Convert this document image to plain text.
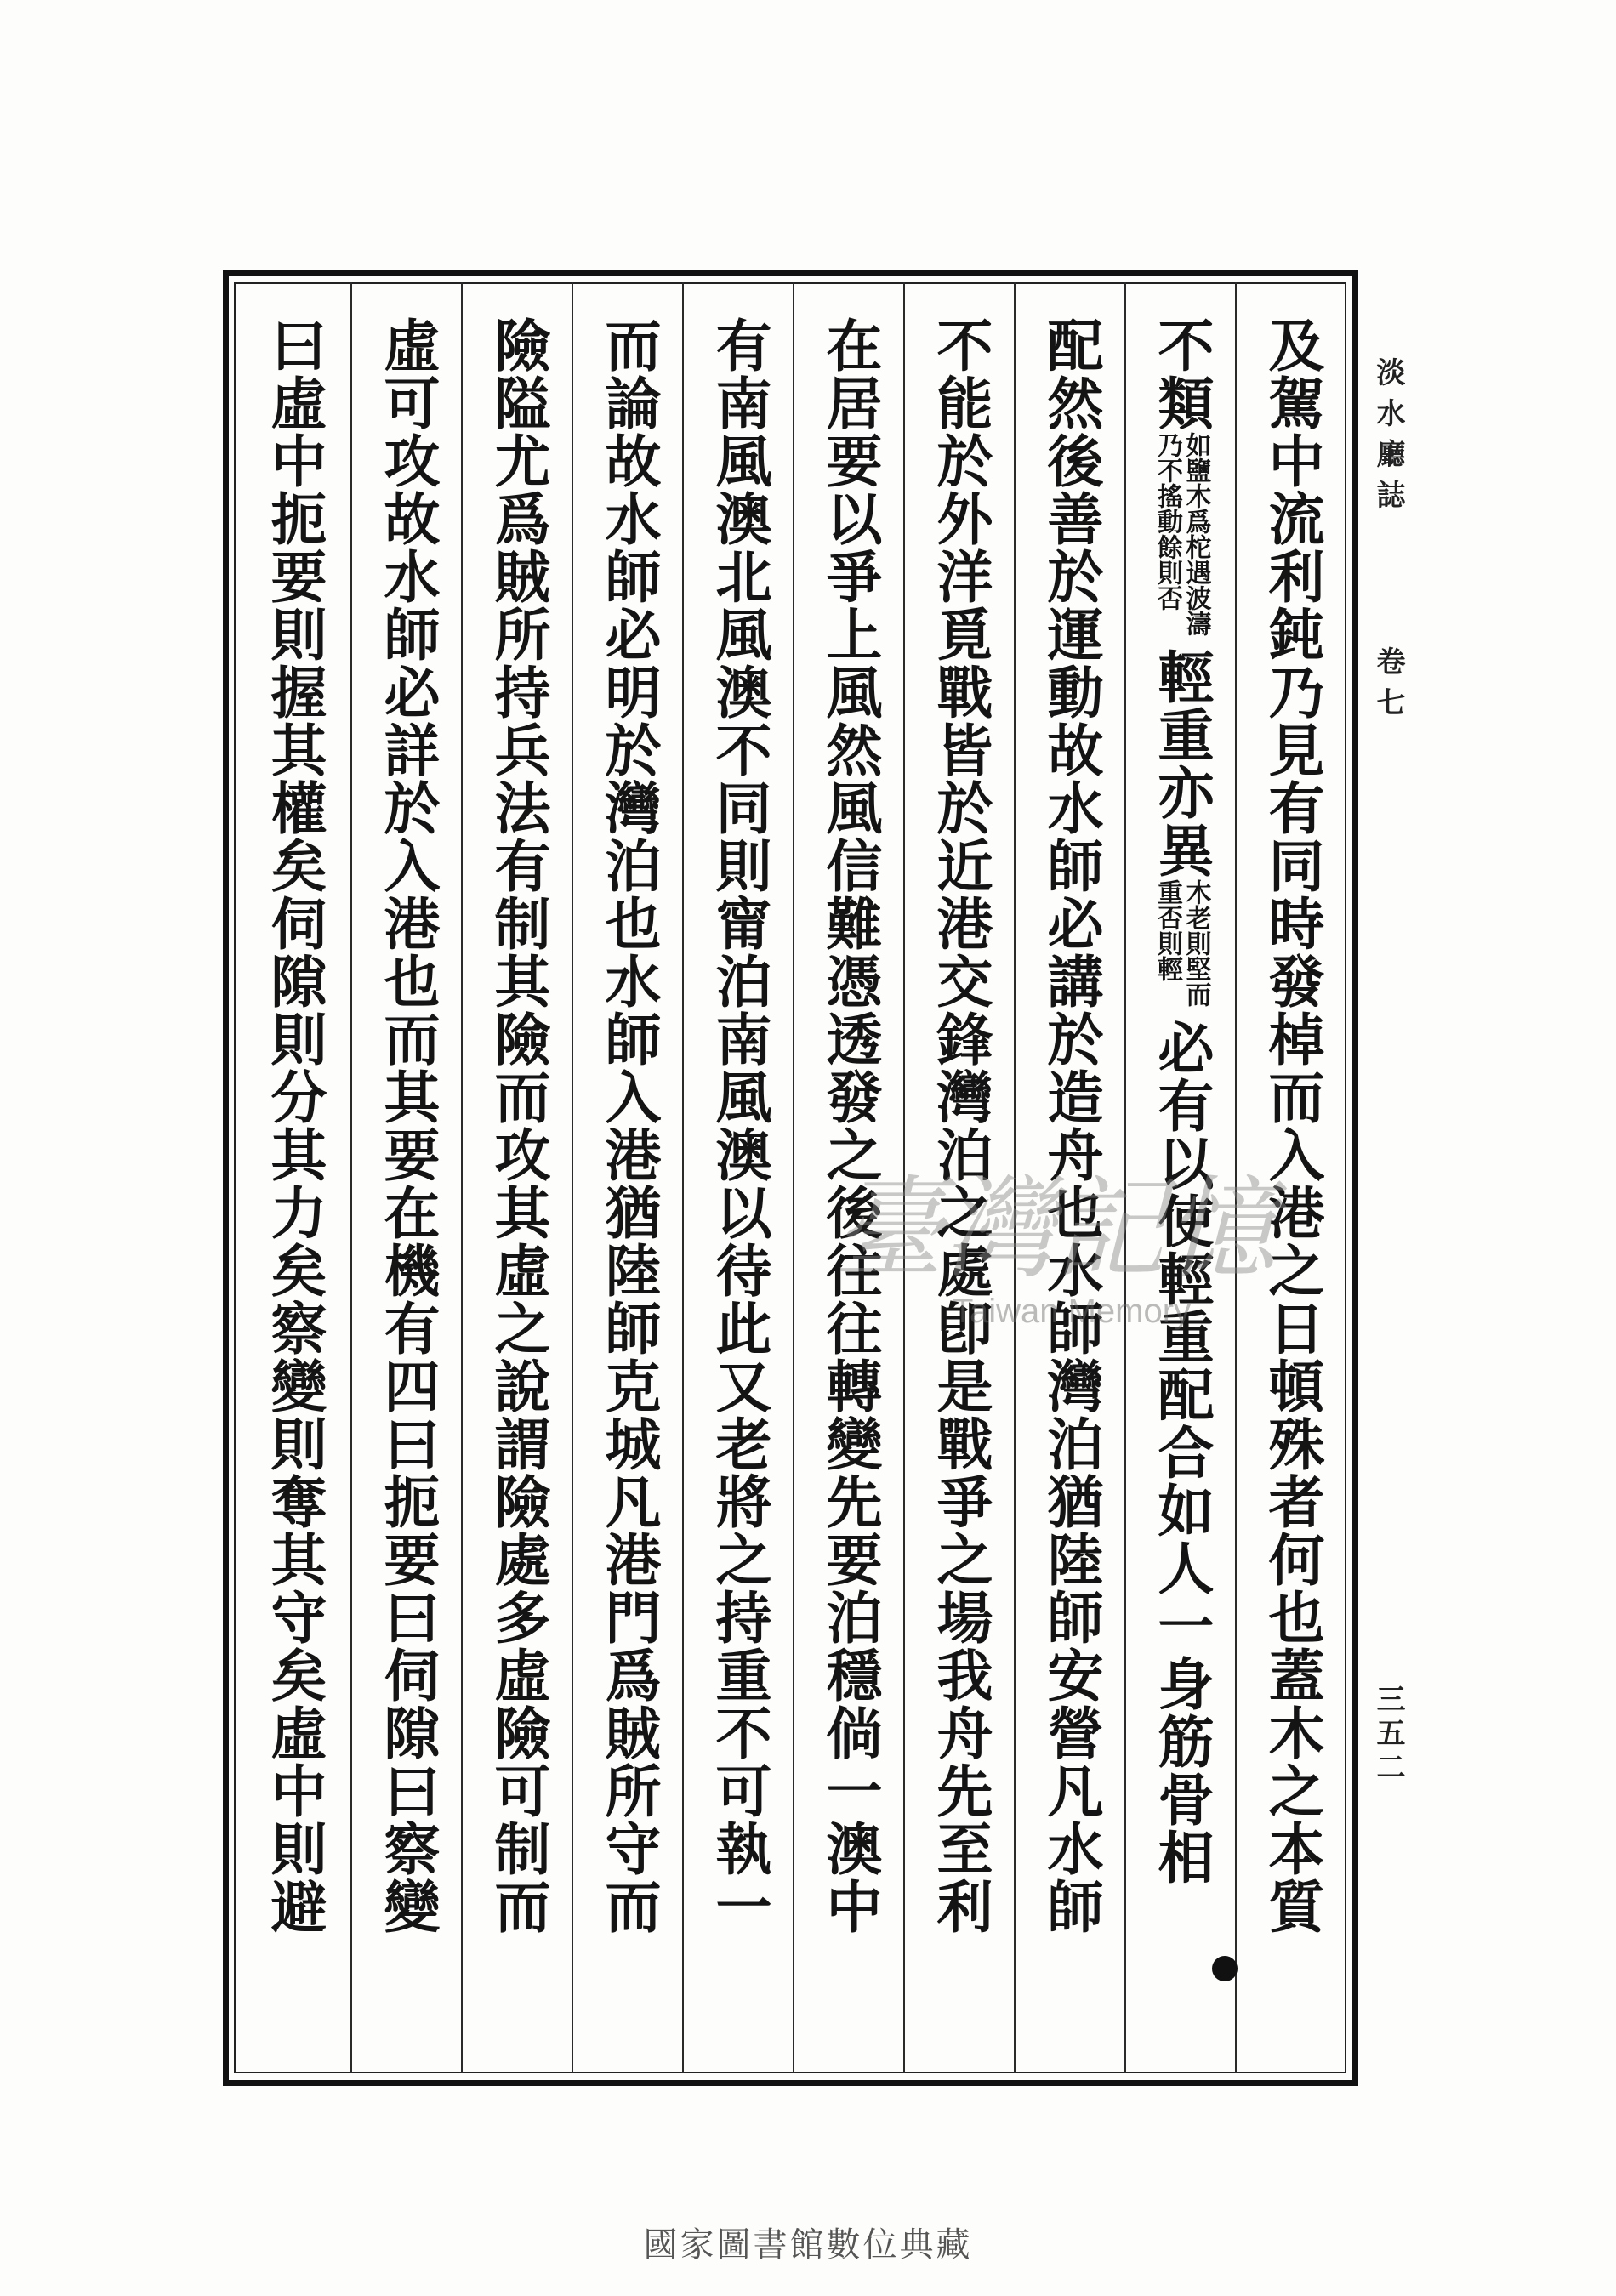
及駕中流利鈍乃見有同時發棹而入港之日頓殊者何也蓋木之本質
不類
如鹽木爲柁遇波濤
乃不搖動餘則否
輕重亦異
木老則堅而
重否則輕
必有以使輕重配合如人一身筋骨相
配然後善於運動故水師必講於造舟也水師灣泊猶陸師安營凡水師
不能於外洋覓戰皆於近港交鋒灣泊之處卽是戰爭之場我舟先至利
在居要以爭上風然風信難憑透發之後往往轉變先要泊穩倘一澳中
有南風澳北風澳不同則甯泊南風澳以待此又老將之持重不可執一
而論故水師必明於灣泊也水師入港猶陸師克城凡港門爲賊所守而
險隘尤爲賊所持兵法有制其險而攻其虛之說謂險處多虛險可制而
虛可攻故水師必詳於入港也而其要在機有四曰扼要曰伺隙曰察變
曰虛中扼要則握其權矣伺隙則分其力矣察變則奪其守矣虛中則避	淡水廳誌
卷七
三五二
臺灣記憶
Taiwan Memory
國家圖書館數位典藏
